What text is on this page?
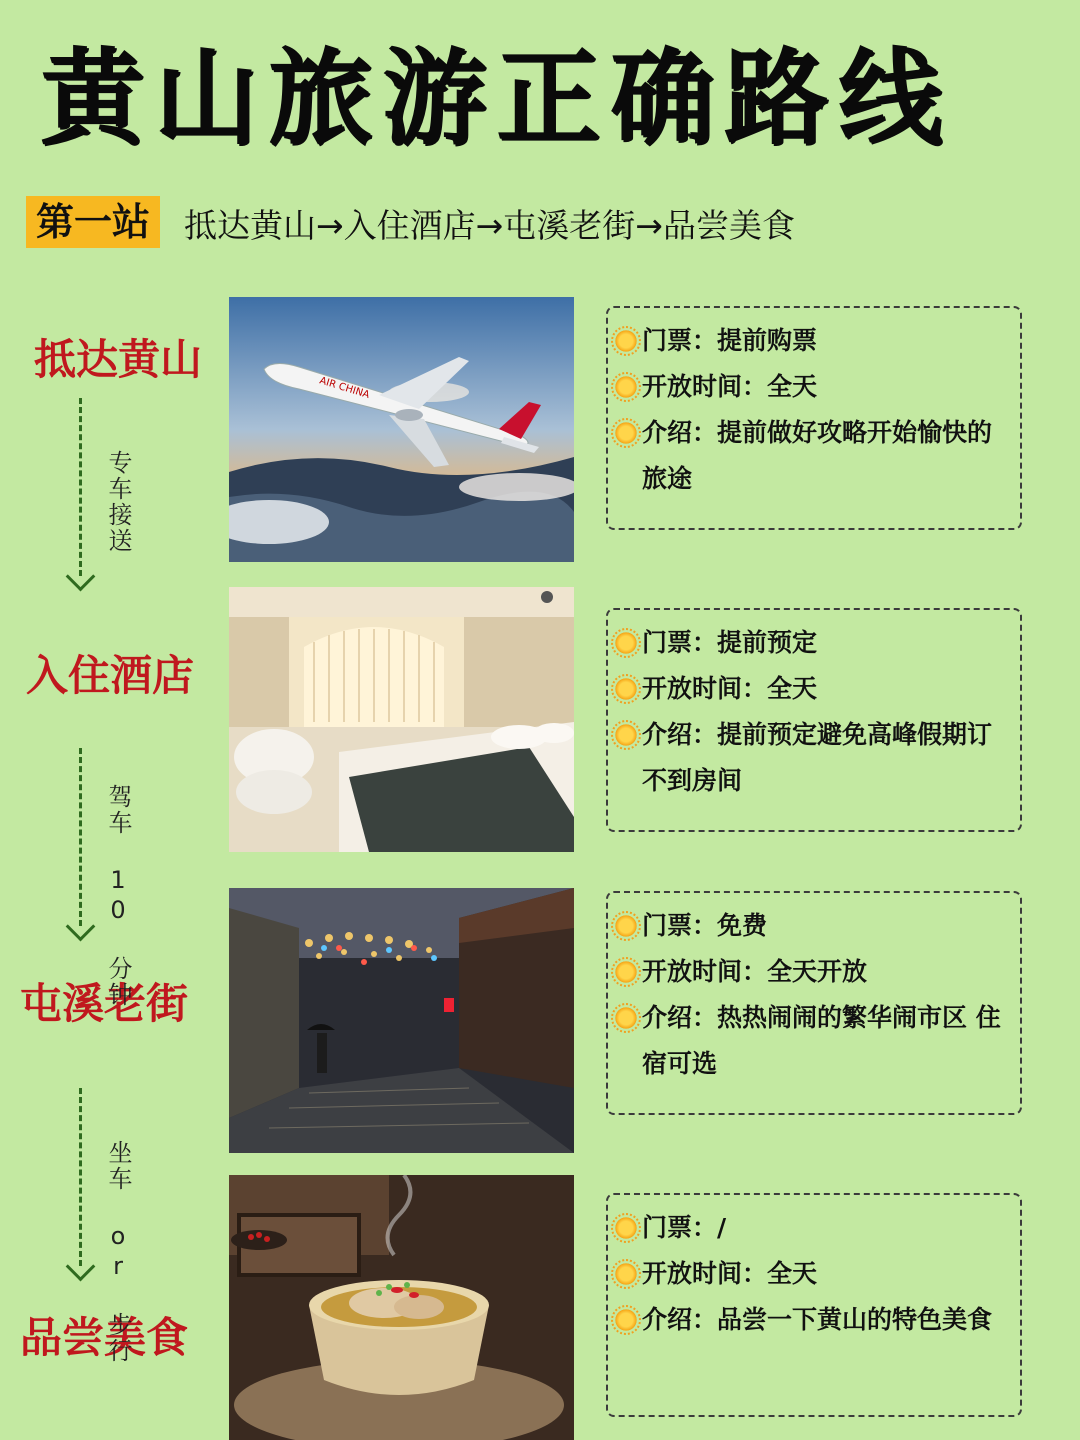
黄山旅游正确路线
第一站	抵达黄山→入住酒店→屯溪老街→品尝美食
抵达黄山
入住酒店
屯溪老街
品尝美食
专车接送
驾车 10 分钟
坐车 or 步行
AIR CHINA
门票：提前购票
开放时间：全天
介绍：提前做好攻略开始愉快的旅途
门票：提前预定
开放时间：全天
介绍：提前预定避免高峰假期订不到房间
门票：免费
开放时间：全天开放
介绍：热热闹闹的繁华闹市区 住宿可选
门票：/
开放时间：全天
介绍：品尝一下黄山的特色美食
